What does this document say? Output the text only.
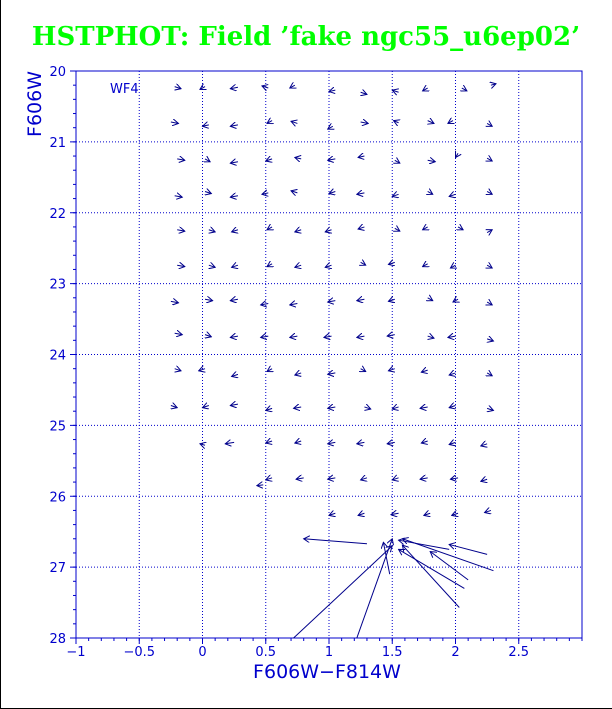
HSTPHOT: Field ’fake ngc55_u6ep02’
−1	−0.5	0	0.5	1	1.5	2	2.5
20
21
22
23
24
25
26
27
28
WF4
F606W−F814W
F606W
